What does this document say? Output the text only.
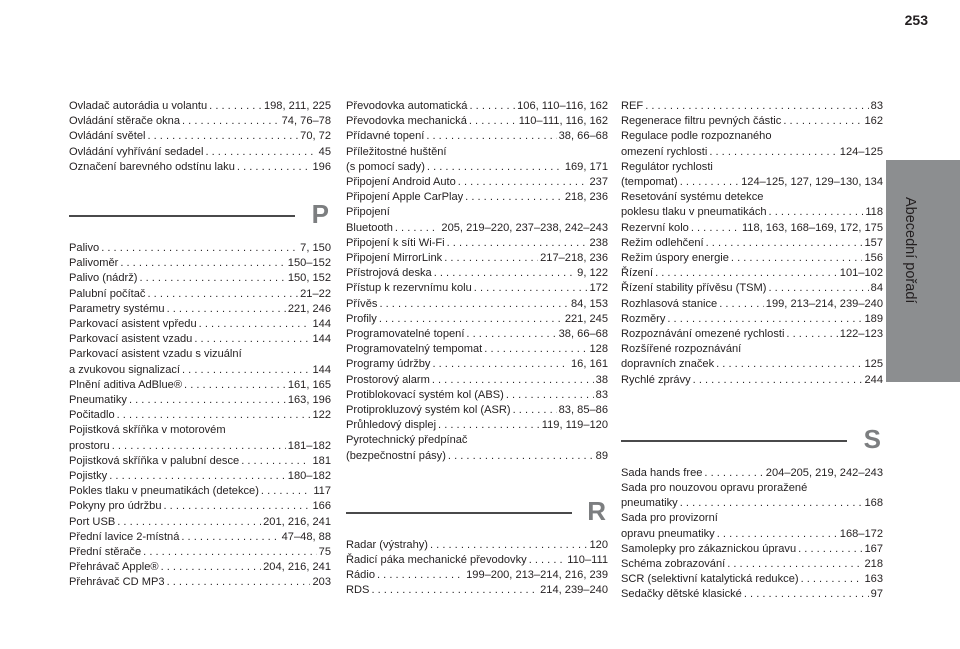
253
Abecední pořadí
Ovladač autorádia u volantu . . .	198, 211, 225
Ovládání stěrače okna . . .	74, 76–78
Ovládání světel . . .	70, 72
Ovládání vyhřívání sedadel . . .	45
Označení barevného odstínu laku . . .	196
P
Palivo . . .	7, 150
Palivoměr . . .	150–152
Palivo (nádrž) . . .	150, 152
Palubní počítač . . .	21–22
Parametry systému . . .	221, 246
Parkovací asistent vpředu . . .	144
Parkovací asistent vzadu . . .	144
Parkovací asistent vzadu s vizuální
a zvukovou signalizací . . .	144
Plnění aditiva AdBlue® . . .	161, 165
Pneumatiky . . .	163, 196
Počitadlo . . .	122
Pojistková skříňka v motorovém
prostoru . . .	181–182
Pojistková skříňka v palubní desce . . .	181
Pojistky . . .	180–182
Pokles tlaku v pneumatikách (detekce) . . .	117
Pokyny pro údržbu . . .	166
Port USB . . .	201, 216, 241
Přední lavice 2-místná . . .	47–48, 88
Přední stěrače . . .	75
Přehrávač Apple® . . .	204, 216, 241
Přehrávač CD MP3 . . .	203
Převodovka automatická . . .	106, 110–116, 162
Převodovka mechanická . . .	110–111, 116, 162
Přídavné topení . . .	38, 66–68
Příležitostné huštění
(s pomocí sady) . . .	169, 171
Připojení Android Auto . . .	237
Připojení Apple CarPlay . . .	218, 236
Připojení
Bluetooth . . .	205, 219–220, 237–238, 242–243
Připojení k síti Wi-Fi . . .	238
Připojení MirrorLink . . .	217–218, 236
Přístrojová deska . . .	9, 122
Přístup k rezervnímu kolu . . .	172
Přívěs . . .	84, 153
Profily . . .	221, 245
Programovatelné topení . . .	38, 66–68
Programovatelný tempomat . . .	128
Programy údržby . . .	16, 161
Prostorový alarm . . .	38
Protiblokovací systém kol (ABS) . . .	83
Protiprokluzový systém kol (ASR) . . .	83, 85–86
Průhledový displej . . .	119, 119–120
Pyrotechnický předpínač
(bezpečnostní pásy) . . .	89
R
Radar (výstrahy) . . .	120
Řadicí páka mechanické převodovky . . .	110–111
Rádio . . .	199–200, 213–214, 216, 239
RDS . . .	214, 239–240
REF . . .	83
Regenerace filtru pevných částic . . .	162
Regulace podle rozpoznaného
omezení rychlosti . . .	124–125
Regulátor rychlosti
(tempomat) . . .	124–125, 127, 129–130, 134
Resetování systému detekce
poklesu tlaku v pneumatikách . . .	118
Rezervní kolo . . .	118, 163, 168–169, 172, 175
Režim odlehčení . . .	157
Režim úspory energie . . .	156
Řízení . . .	101–102
Řízení stability přívěsu (TSM) . . .	84
Rozhlasová stanice . . .	199, 213–214, 239–240
Rozměry . . .	189
Rozpoznávání omezené rychlosti . . .	122–123
Rozšířené rozpoznávání
dopravních značek . . .	125
Rychlé zprávy . . .	244
S
Sada hands free . . .	204–205, 219, 242–243
Sada pro nouzovou opravu proražené
pneumatiky . . .	168
Sada pro provizorní
opravu pneumatiky . . .	168–172
Samolepky pro zákaznickou úpravu . . .	167
Schéma zobrazování . . .	218
SCR (selektivní katalytická redukce) . . .	163
Sedačky dětské klasické . . .	97
